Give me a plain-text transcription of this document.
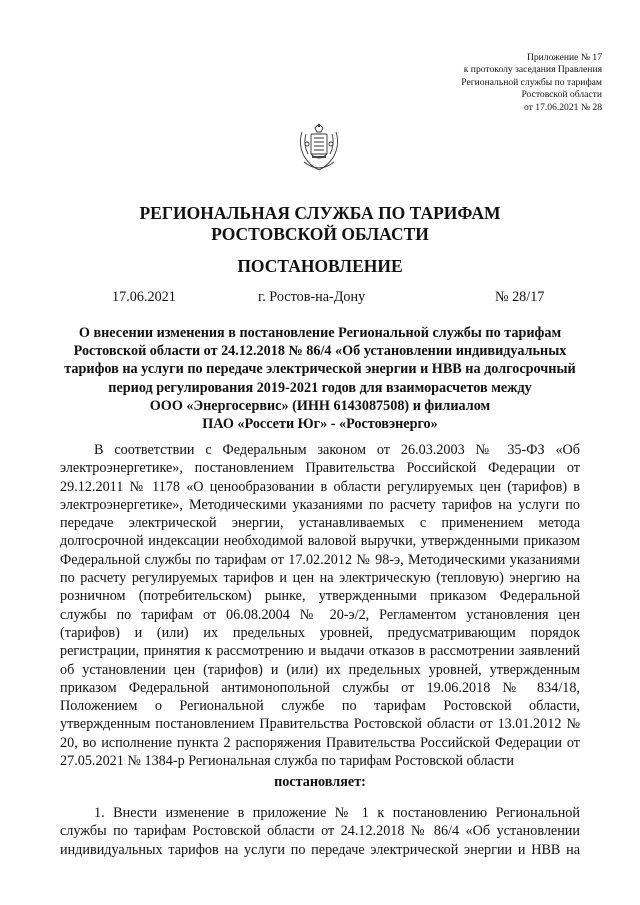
Приложение № 17
к протоколу заседания Правления
Региональной службы по тарифам
Ростовской области
от 17.06.2021 № 28
РЕГИОНАЛЬНАЯ СЛУЖБА ПО ТАРИФАМ
РОСТОВСКОЙ ОБЛАСТИ
ПОСТАНОВЛЕНИЕ
17.06.2021	г. Ростов-на-Дону	№ 28/17
О внесении изменения в постановление Региональной службы по тарифам
Ростовской области от 24.12.2018 № 86/4 «Об установлении индивидуальных
тарифов на услуги по передаче электрической энергии и НВВ на долгосрочный
период регулирования 2019-2021 годов для взаиморасчетов между
ООО «Энергосервис» (ИНН 6143087508) и филиалом
ПАО «Россети Юг» - «Ростовэнерго»
В соответствии с Федеральным законом от 26.03.2003 № 35-ФЗ «Об
электроэнергетике», постановлением Правительства Российской Федерации от
29.12.2011 № 1178 «О ценообразовании в области регулируемых цен (тарифов) в
электроэнергетике», Методическими указаниями по расчету тарифов на услуги по
передаче электрической энергии, устанавливаемых с применением метода
долгосрочной индексации необходимой валовой выручки, утвержденными приказом
Федеральной службы по тарифам от 17.02.2012 № 98-э, Методическими указаниями
по расчету регулируемых тарифов и цен на электрическую (тепловую) энергию на
розничном (потребительском) рынке, утвержденными приказом Федеральной
службы по тарифам от 06.08.2004 № 20-э/2, Регламентом установления цен
(тарифов) и (или) их предельных уровней, предусматривающим порядок
регистрации, принятия к рассмотрению и выдачи отказов в рассмотрении заявлений
об установлении цен (тарифов) и (или) их предельных уровней, утвержденным
приказом Федеральной антимонопольной службы от 19.06.2018 № 834/18,
Положением о Региональной службе по тарифам Ростовской области,
утвержденным постановлением Правительства Ростовской области от 13.01.2012 №
20, во исполнение пункта 2 распоряжения Правительства Российской Федерации от
27.05.2021 № 1384-р Региональная служба по тарифам Ростовской области
постановляет:
1. Внести изменение в приложение № 1 к постановлению Региональной
службы по тарифам Ростовской области от 24.12.2018 № 86/4 «Об установлении
индивидуальных тарифов на услуги по передаче электрической энергии и НВВ на
